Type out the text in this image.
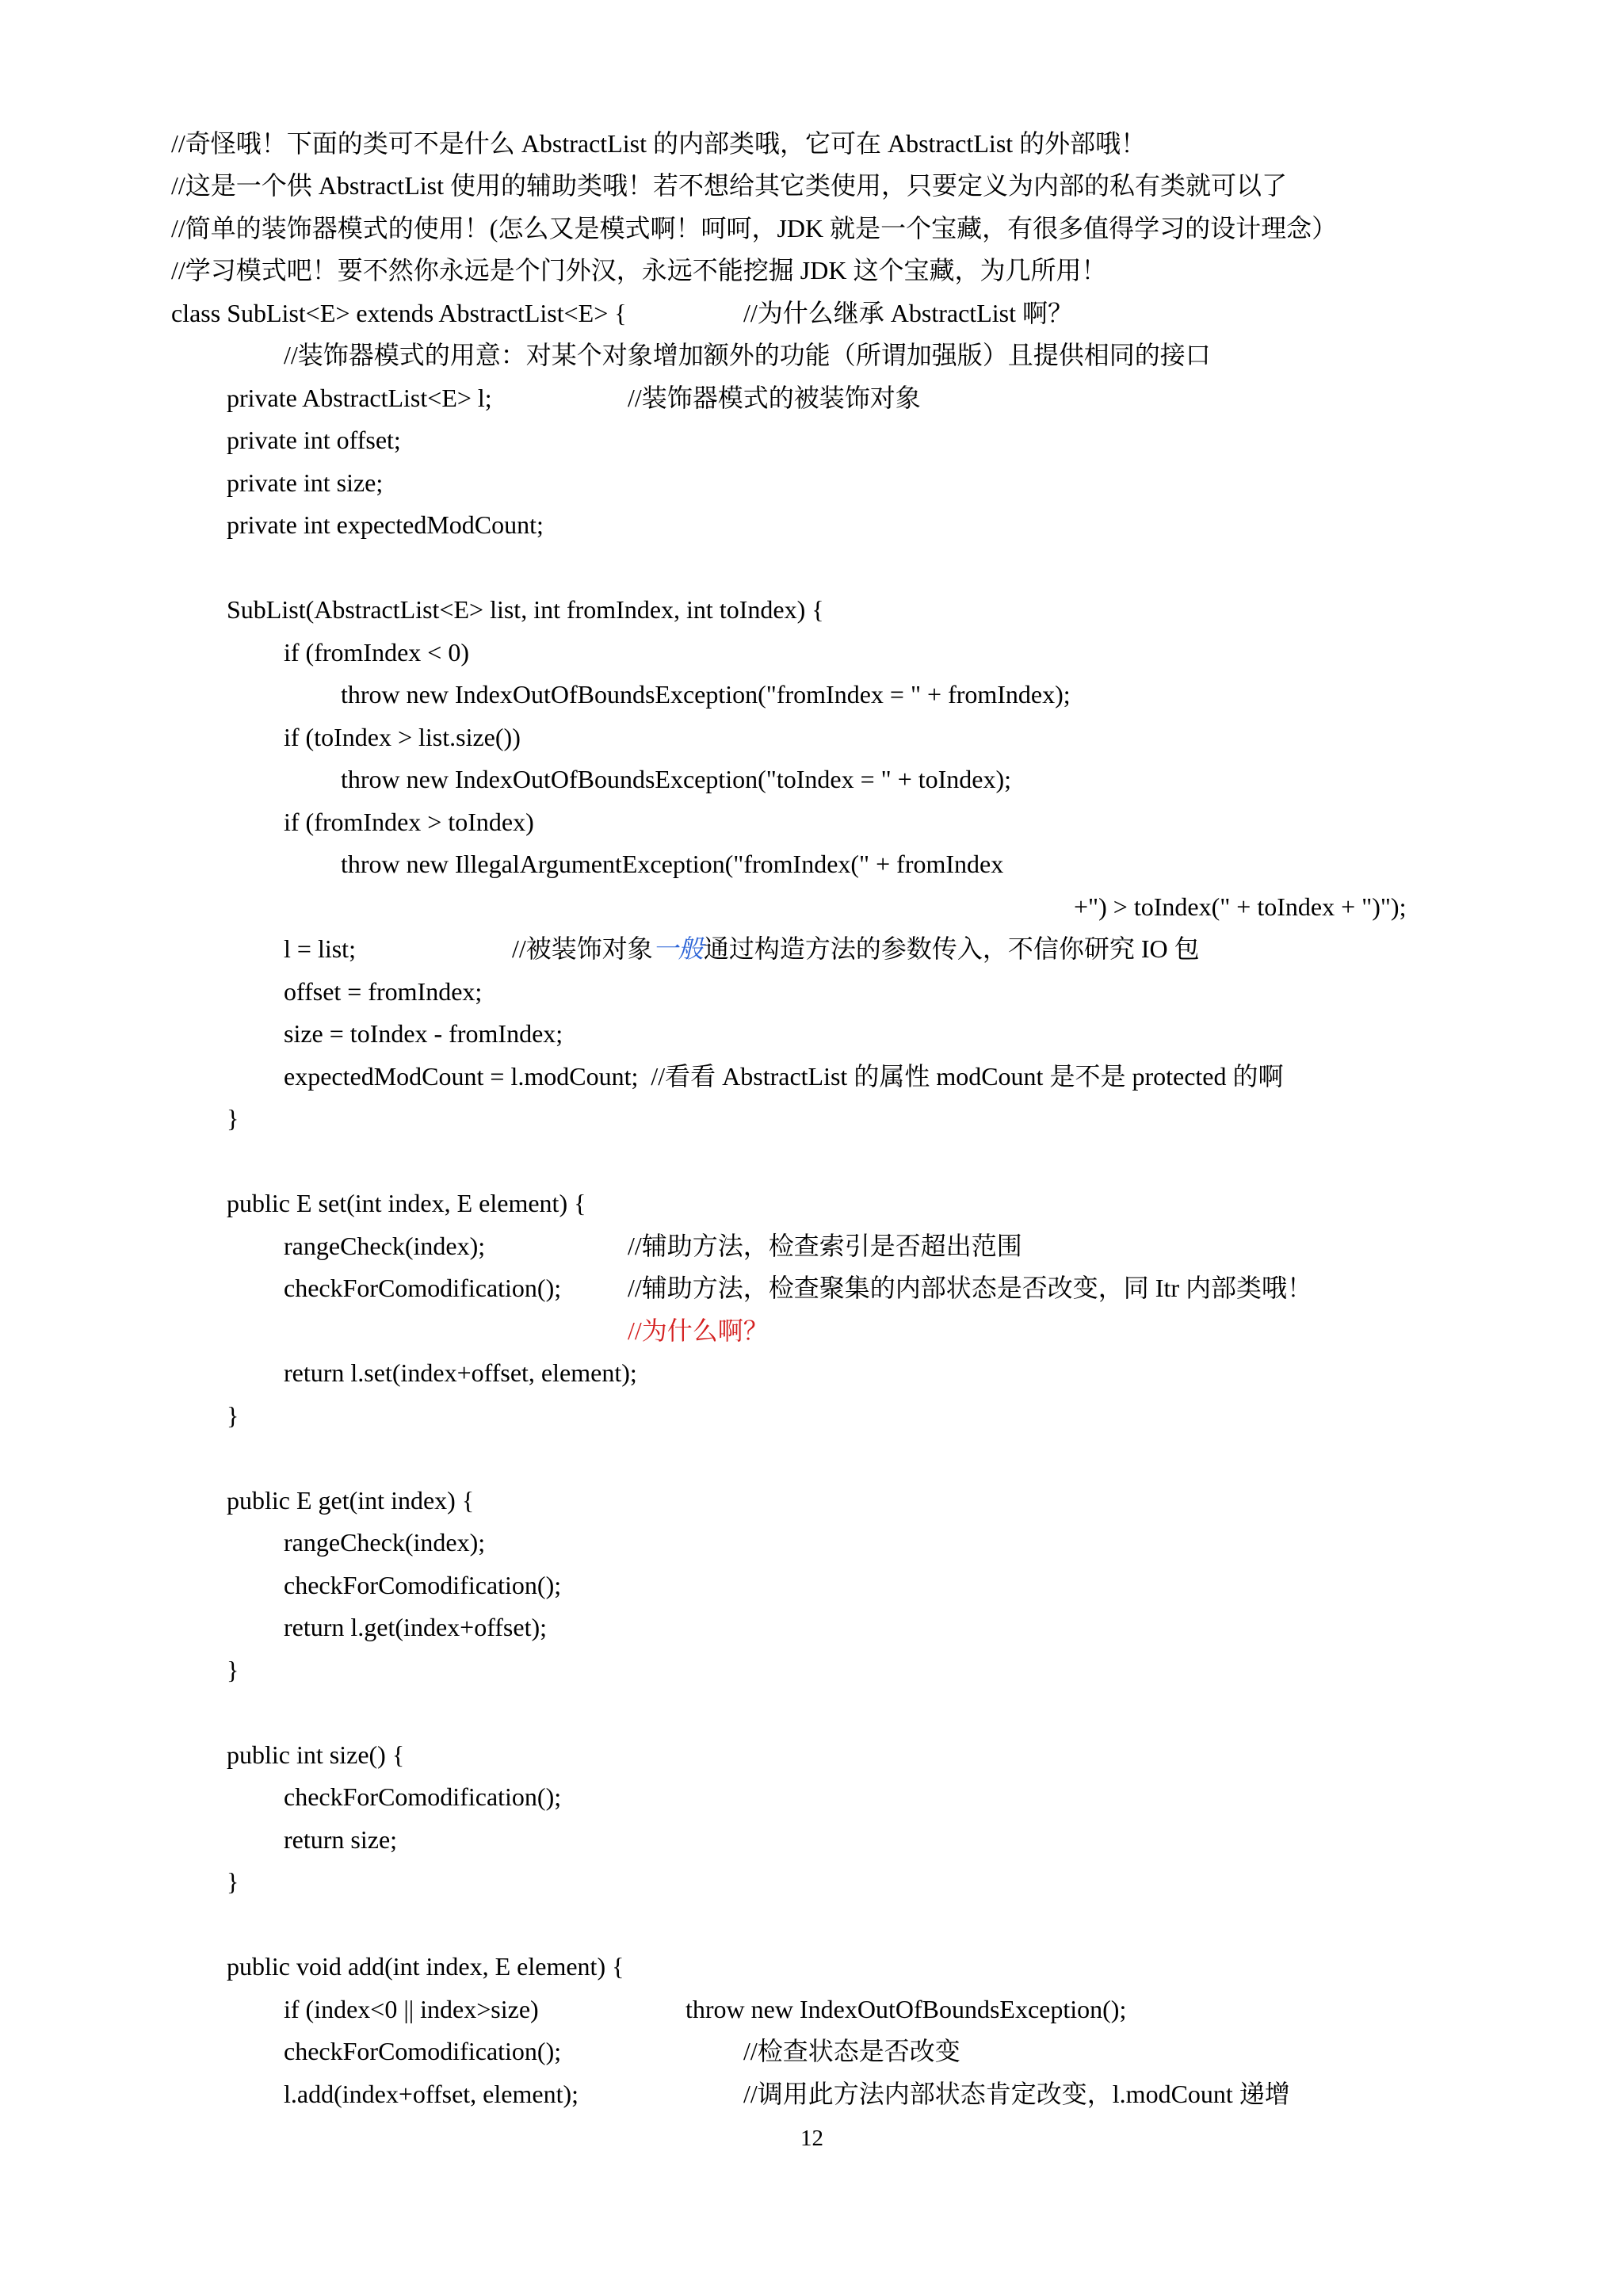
//奇怪哦！下面的类可不是什么 AbstractList 的内部类哦，它可在 AbstractList 的外部哦！
//这是一个供 AbstractList 使用的辅助类哦！若不想给其它类使用，只要定义为内部的私有类就可以了
//简单的装饰器模式的使用！(怎么又是模式啊！呵呵，JDK 就是一个宝藏，有很多值得学习的设计理念）
//学习模式吧！要不然你永远是个门外汉，永远不能挖掘 JDK 这个宝藏，为几所用！
class SubList<E> extends AbstractList<E> {	//为什么继承 AbstractList 啊？
//装饰器模式的用意：对某个对象增加额外的功能（所谓加强版）且提供相同的接口
private AbstractList<E> l;	//装饰器模式的被装饰对象
private int offset;
private int size;
private int expectedModCount;
SubList(AbstractList<E> list, int fromIndex, int toIndex) {
if (fromIndex < 0)
throw new IndexOutOfBoundsException("fromIndex = " + fromIndex);
if (toIndex > list.size())
throw new IndexOutOfBoundsException("toIndex = " + toIndex);
if (fromIndex > toIndex)
throw new IllegalArgumentException("fromIndex(" + fromIndex
+") > toIndex(" + toIndex + ")");
l = list;	//被装饰对象一般通过构造方法的参数传入，不信你研究 IO 包
offset = fromIndex;
size = toIndex - fromIndex;
expectedModCount = l.modCount;  //看看 AbstractList 的属性 modCount 是不是 protected 的啊
}
public E set(int index, E element) {
rangeCheck(index);	//辅助方法，检查索引是否超出范围
checkForComodification();	//辅助方法，检查聚集的内部状态是否改变，同 Itr 内部类哦！
//为什么啊？
return l.set(index+offset, element);
}
public E get(int index) {
rangeCheck(index);
checkForComodification();
return l.get(index+offset);
}
public int size() {
checkForComodification();
return size;
}
public void add(int index, E element) {
if (index<0 || index>size)	throw new IndexOutOfBoundsException();
checkForComodification();	//检查状态是否改变
l.add(index+offset, element);	//调用此方法内部状态肯定改变，l.modCount 递增
12
